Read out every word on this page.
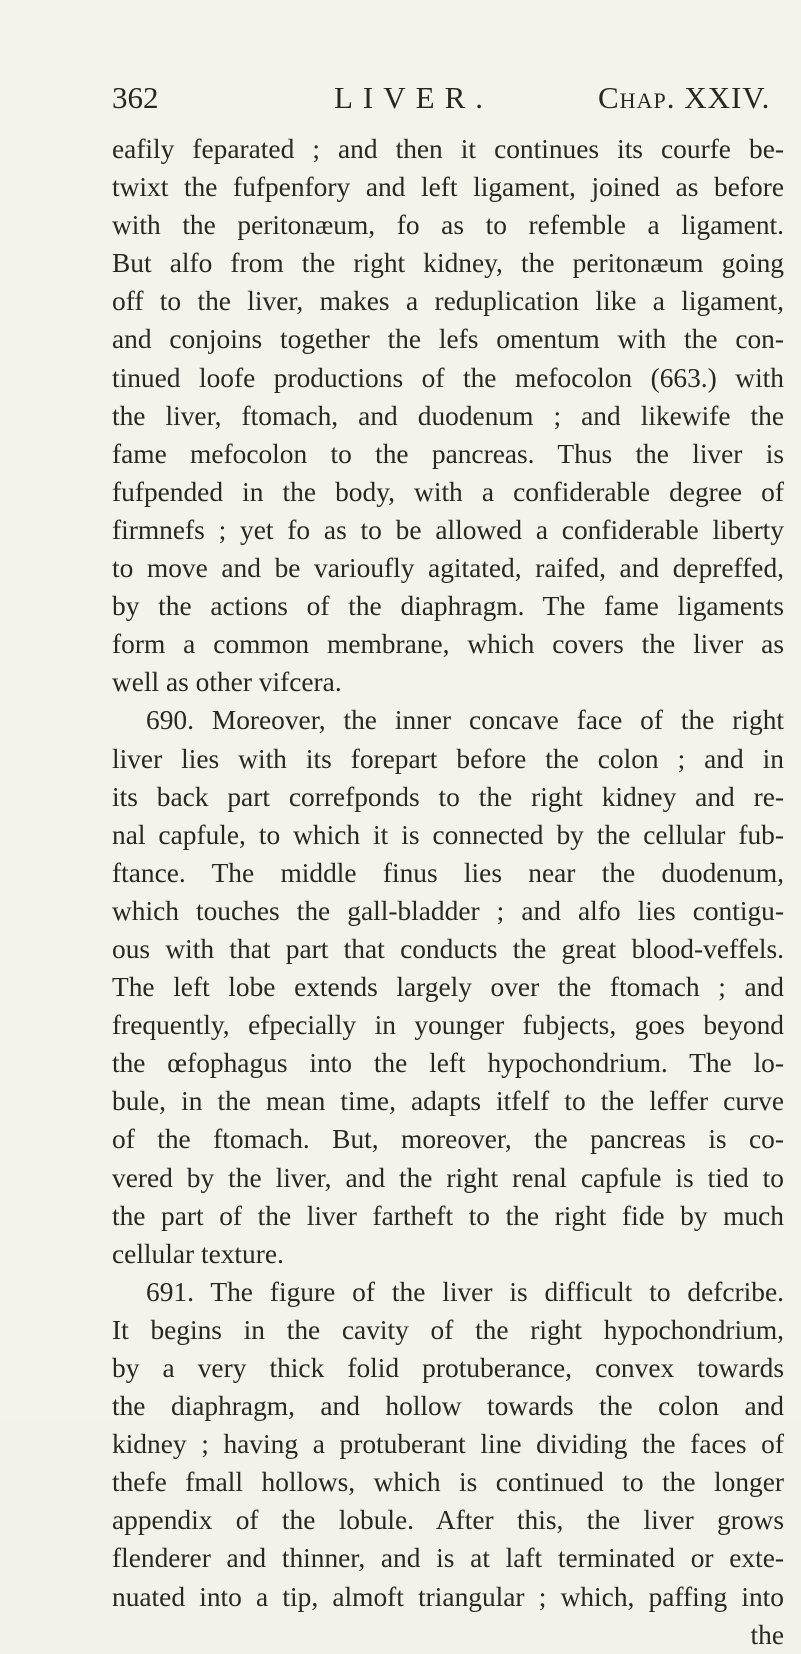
362	LIVER.	Chap. XXIV.
eafily feparated ; and then it continues its courfe be-
twixt the fufpenfory and left ligament, joined as before
with the peritonæum, fo as to refemble a ligament.
But alfo from the right kidney, the peritonæum going
off to the liver, makes a reduplication like a ligament,
and conjoins together the lefs omentum with the con-
tinued loofe productions of the mefocolon (663.) with
the liver, ftomach, and duodenum ; and likewife the
fame mefocolon to the pancreas. Thus the liver is
fufpended in the body, with a confiderable degree of
firmnefs ; yet fo as to be allowed a confiderable liberty
to move and be varioufly agitated, raifed, and depreffed,
by the actions of the diaphragm. The fame ligaments
form a common membrane, which covers the liver as
well as other vifcera.
690. Moreover, the inner concave face of the right
liver lies with its forepart before the colon ; and in
its back part correfponds to the right kidney and re-
nal capfule, to which it is connected by the cellular fub-
ftance. The middle finus lies near the duodenum,
which touches the gall-bladder ; and alfo lies contigu-
ous with that part that conducts the great blood-veffels.
The left lobe extends largely over the ftomach ; and
frequently, efpecially in younger fubjects, goes beyond
the œfophagus into the left hypochondrium. The lo-
bule, in the mean time, adapts itfelf to the leffer curve
of the ftomach. But, moreover, the pancreas is co-
vered by the liver, and the right renal capfule is tied to
the part of the liver fartheft to the right fide by much
cellular texture.
691. The figure of the liver is difficult to defcribe.
It begins in the cavity of the right hypochondrium,
by a very thick folid protuberance, convex towards
the diaphragm, and hollow towards the colon and
kidney ; having a protuberant line dividing the faces of
thefe fmall hollows, which is continued to the longer
appendix of the lobule. After this, the liver grows
flenderer and thinner, and is at laft terminated or exte-
nuated into a tip, almoft triangular ; which, paffing into
the
